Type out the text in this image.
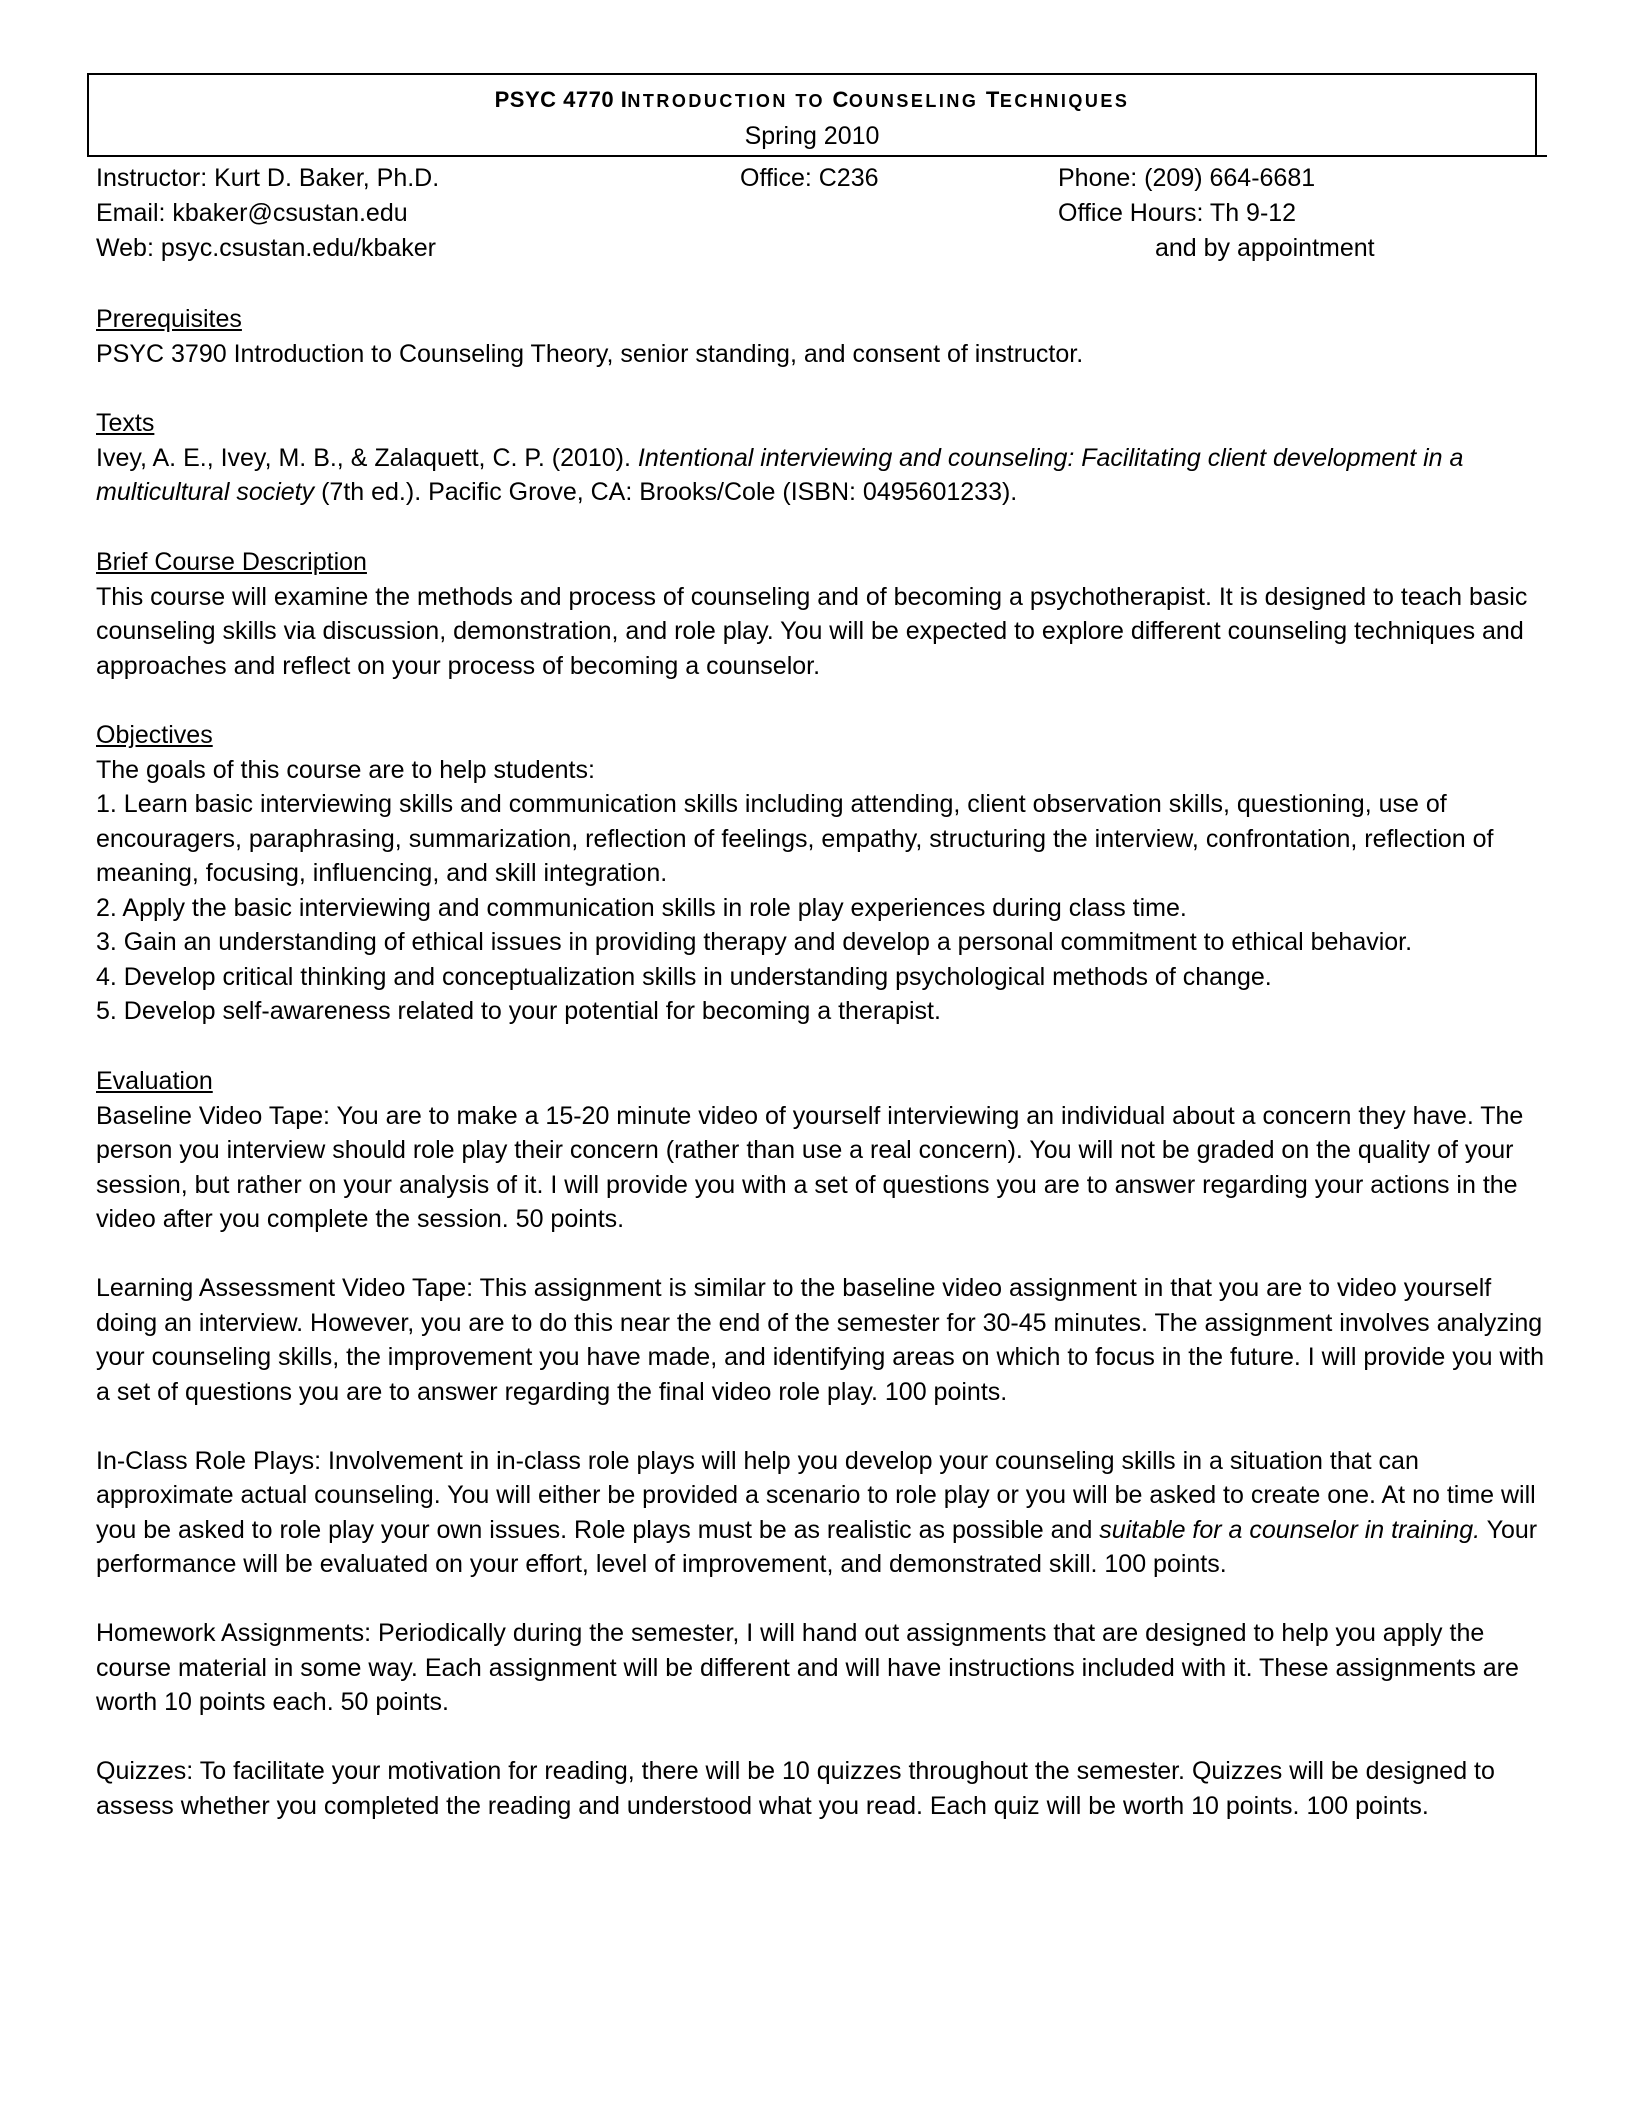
PSYC 4770 INTRODUCTION TO COUNSELING TECHNIQUES
Spring 2010
Instructor: Kurt D. Baker, Ph.D.
Email: kbaker@csustan.edu
Web: psyc.csustan.edu/kbaker
Office: C236	Phone: (209) 664-6681
Office Hours: Th 9-12
and by appointment
Prerequisites

PSYC 3790 Introduction to Counseling Theory, senior standing, and consent of instructor.

Texts

Ivey, A. E., Ivey, M. B., & Zalaquett, C. P. (2010). Intentional interviewing and counseling: Facilitating client development in a multicultural society (7th ed.). Pacific Grove, CA: Brooks/Cole (ISBN: 0495601233).

Brief Course Description

This course will examine the methods and process of counseling and of becoming a psychotherapist. It is designed to teach basic counseling skills via discussion, demonstration, and role play. You will be expected to explore different counseling techniques and approaches and reflect on your process of becoming a counselor.

Objectives

The goals of this course are to help students:

1. Learn basic interviewing skills and communication skills including attending, client observation skills, questioning, use of encouragers, paraphrasing, summarization, reflection of feelings, empathy, structuring the interview, confrontation, reflection of meaning, focusing, influencing, and skill integration.

2. Apply the basic interviewing and communication skills in role play experiences during class time.

3. Gain an understanding of ethical issues in providing therapy and develop a personal commitment to ethical behavior.

4. Develop critical thinking and conceptualization skills in understanding psychological methods of change.

5. Develop self-awareness related to your potential for becoming a therapist.

Evaluation

Baseline Video Tape: You are to make a 15-20 minute video of yourself interviewing an individual about a concern they have. The person you interview should role play their concern (rather than use a real concern). You will not be graded on the quality of your session, but rather on your analysis of it. I will provide you with a set of questions you are to answer regarding your actions in the video after you complete the session. 50 points.

Learning Assessment Video Tape: This assignment is similar to the baseline video assignment in that you are to video yourself doing an interview. However, you are to do this near the end of the semester for 30-45 minutes. The assignment involves analyzing your counseling skills, the improvement you have made, and identifying areas on which to focus in the future. I will provide you with a set of questions you are to answer regarding the final video role play. 100 points.

In-Class Role Plays: Involvement in in-class role plays will help you develop your counseling skills in a situation that can approximate actual counseling. You will either be provided a scenario to role play or you will be asked to create one. At no time will you be asked to role play your own issues. Role plays must be as realistic as possible and suitable for a counselor in training. Your performance will be evaluated on your effort, level of improvement, and demonstrated skill. 100 points.

Homework Assignments: Periodically during the semester, I will hand out assignments that are designed to help you apply the course material in some way. Each assignment will be different and will have instructions included with it. These assignments are worth 10 points each. 50 points.

Quizzes: To facilitate your motivation for reading, there will be 10 quizzes throughout the semester. Quizzes will be designed to assess whether you completed the reading and understood what you read. Each quiz will be worth 10 points. 100 points.
